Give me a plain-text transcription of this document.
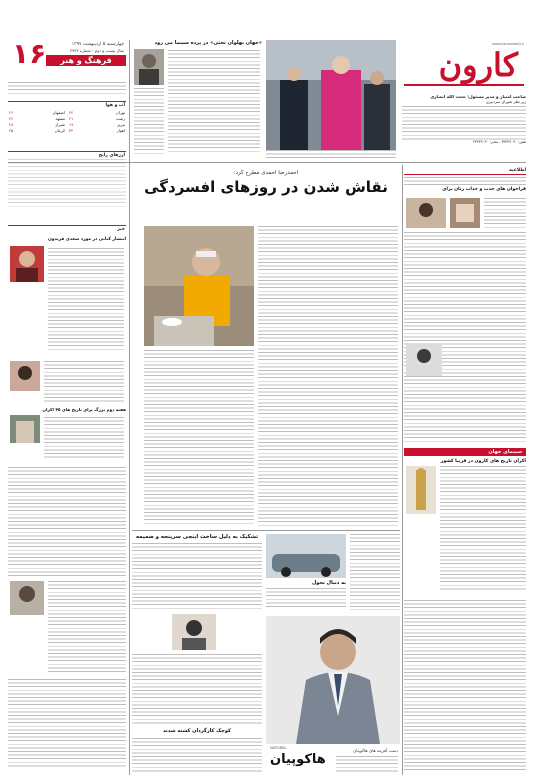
۱۶	چهارشنبه ۵ اردیبهشت ۱۳۹۷
سال بیست و دوم - شماره ۴۹۳۲
فرهنگ و هنر
«جهان پهلوان تختی» در پرده سینما می رود	www.karoondaily.ir
کارون
صاحب امتیاز و مدیر مسئول: حجت الله انصاری
زیر نظر شورای سردبیری
تلفن: ۳۳۳۳۹۰۹۰ - نمابر: ۳۳۳۳۹۰۳۰
آب و هوا
تهران
۲۴
اصفهان
۲۶
رشت
۲۱
مشهد
۲۲
تبریز
۱۹
شیراز
۲۸
اهواز
۳۴
کرمان
۲۵
ارزهای رایج
خبر
انتشار کتابی در مورد سعدی فریدون
هفته دوم بزرگ برای تاریخ های ۴۵ اکران
احمدرضا احمدی مطرح کرد:
نقاش شدن در روزهای افسردگی
تشکیک به دلیل ساخت اینجی سرپنجه و ضمیمه
به دنبال تحول
کوچک کارگردان کشته شدند
NATURAL
هاکوپیان
دست آفرینه های هاکوپیان
اطلاعیه
فراخوان های جذب و جذاب زنان برای
سینمای جهان
اکران تاریخ های کارون در فریبا کشور
